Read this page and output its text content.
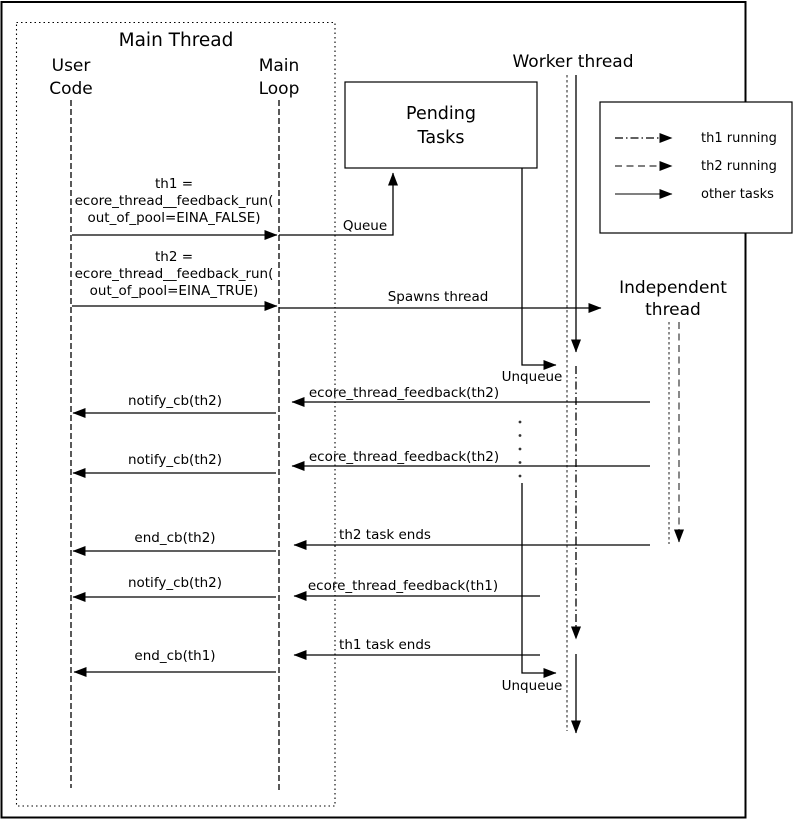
Main Thread
User
Code
Main
Loop
Worker thread
Independent
thread
Pending
Tasks
th1 =
ecore_thread__feedback_run(
out_of_pool=EINA_FALSE)	Queue
th2 =
ecore_thread__feedback_run(
out_of_pool=EINA_TRUE)	Spawns thread
Unqueue
ecore_thread_feedback(th2)
notify_cb(th2)
ecore_thread_feedback(th2)
notify_cb(th2)
Unqueue
th2 task ends
end_cb(th2)
ecore_thread_feedback(th1)
notify_cb(th2)
th1 task ends
end_cb(th1)
th1 running
th2 running
other tasks
